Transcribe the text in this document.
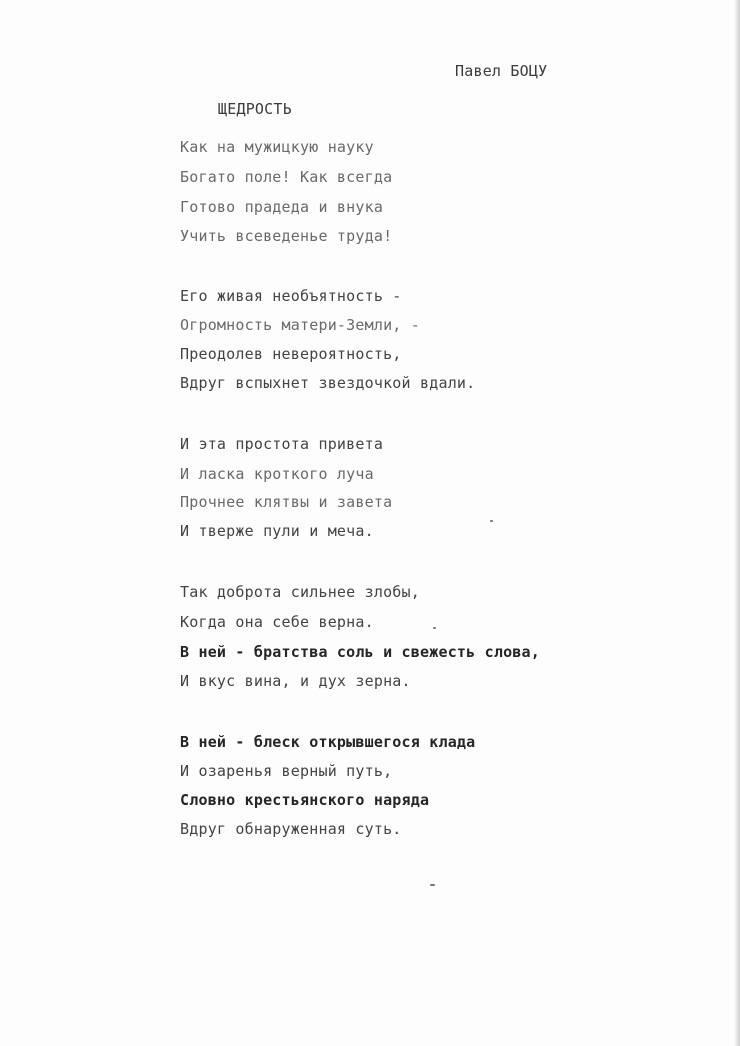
Павел БОЦУ
ЩЕДРОСТЬ
Как на мужицкую науку
Богато поле! Как всегда
Готово прадеда и внука
Учить всеведенье труда!
Его живая необъятность -
Огромность матери-Земли, -
Преодолев невероятность,
Вдруг вспыхнет звездочкой вдали.
И эта простота привета
И ласка кроткого луча
Прочнее клятвы и завета
И тверже пули и меча.
Так доброта сильнее злобы,
Когда она себе верна.
В ней - братства соль и свежесть слова,
И вкус вина, и дух зерна.
В ней - блеск открывшегося клада
И озаренья верный путь,
Словно крестьянского наряда
Вдруг обнаруженная суть.
